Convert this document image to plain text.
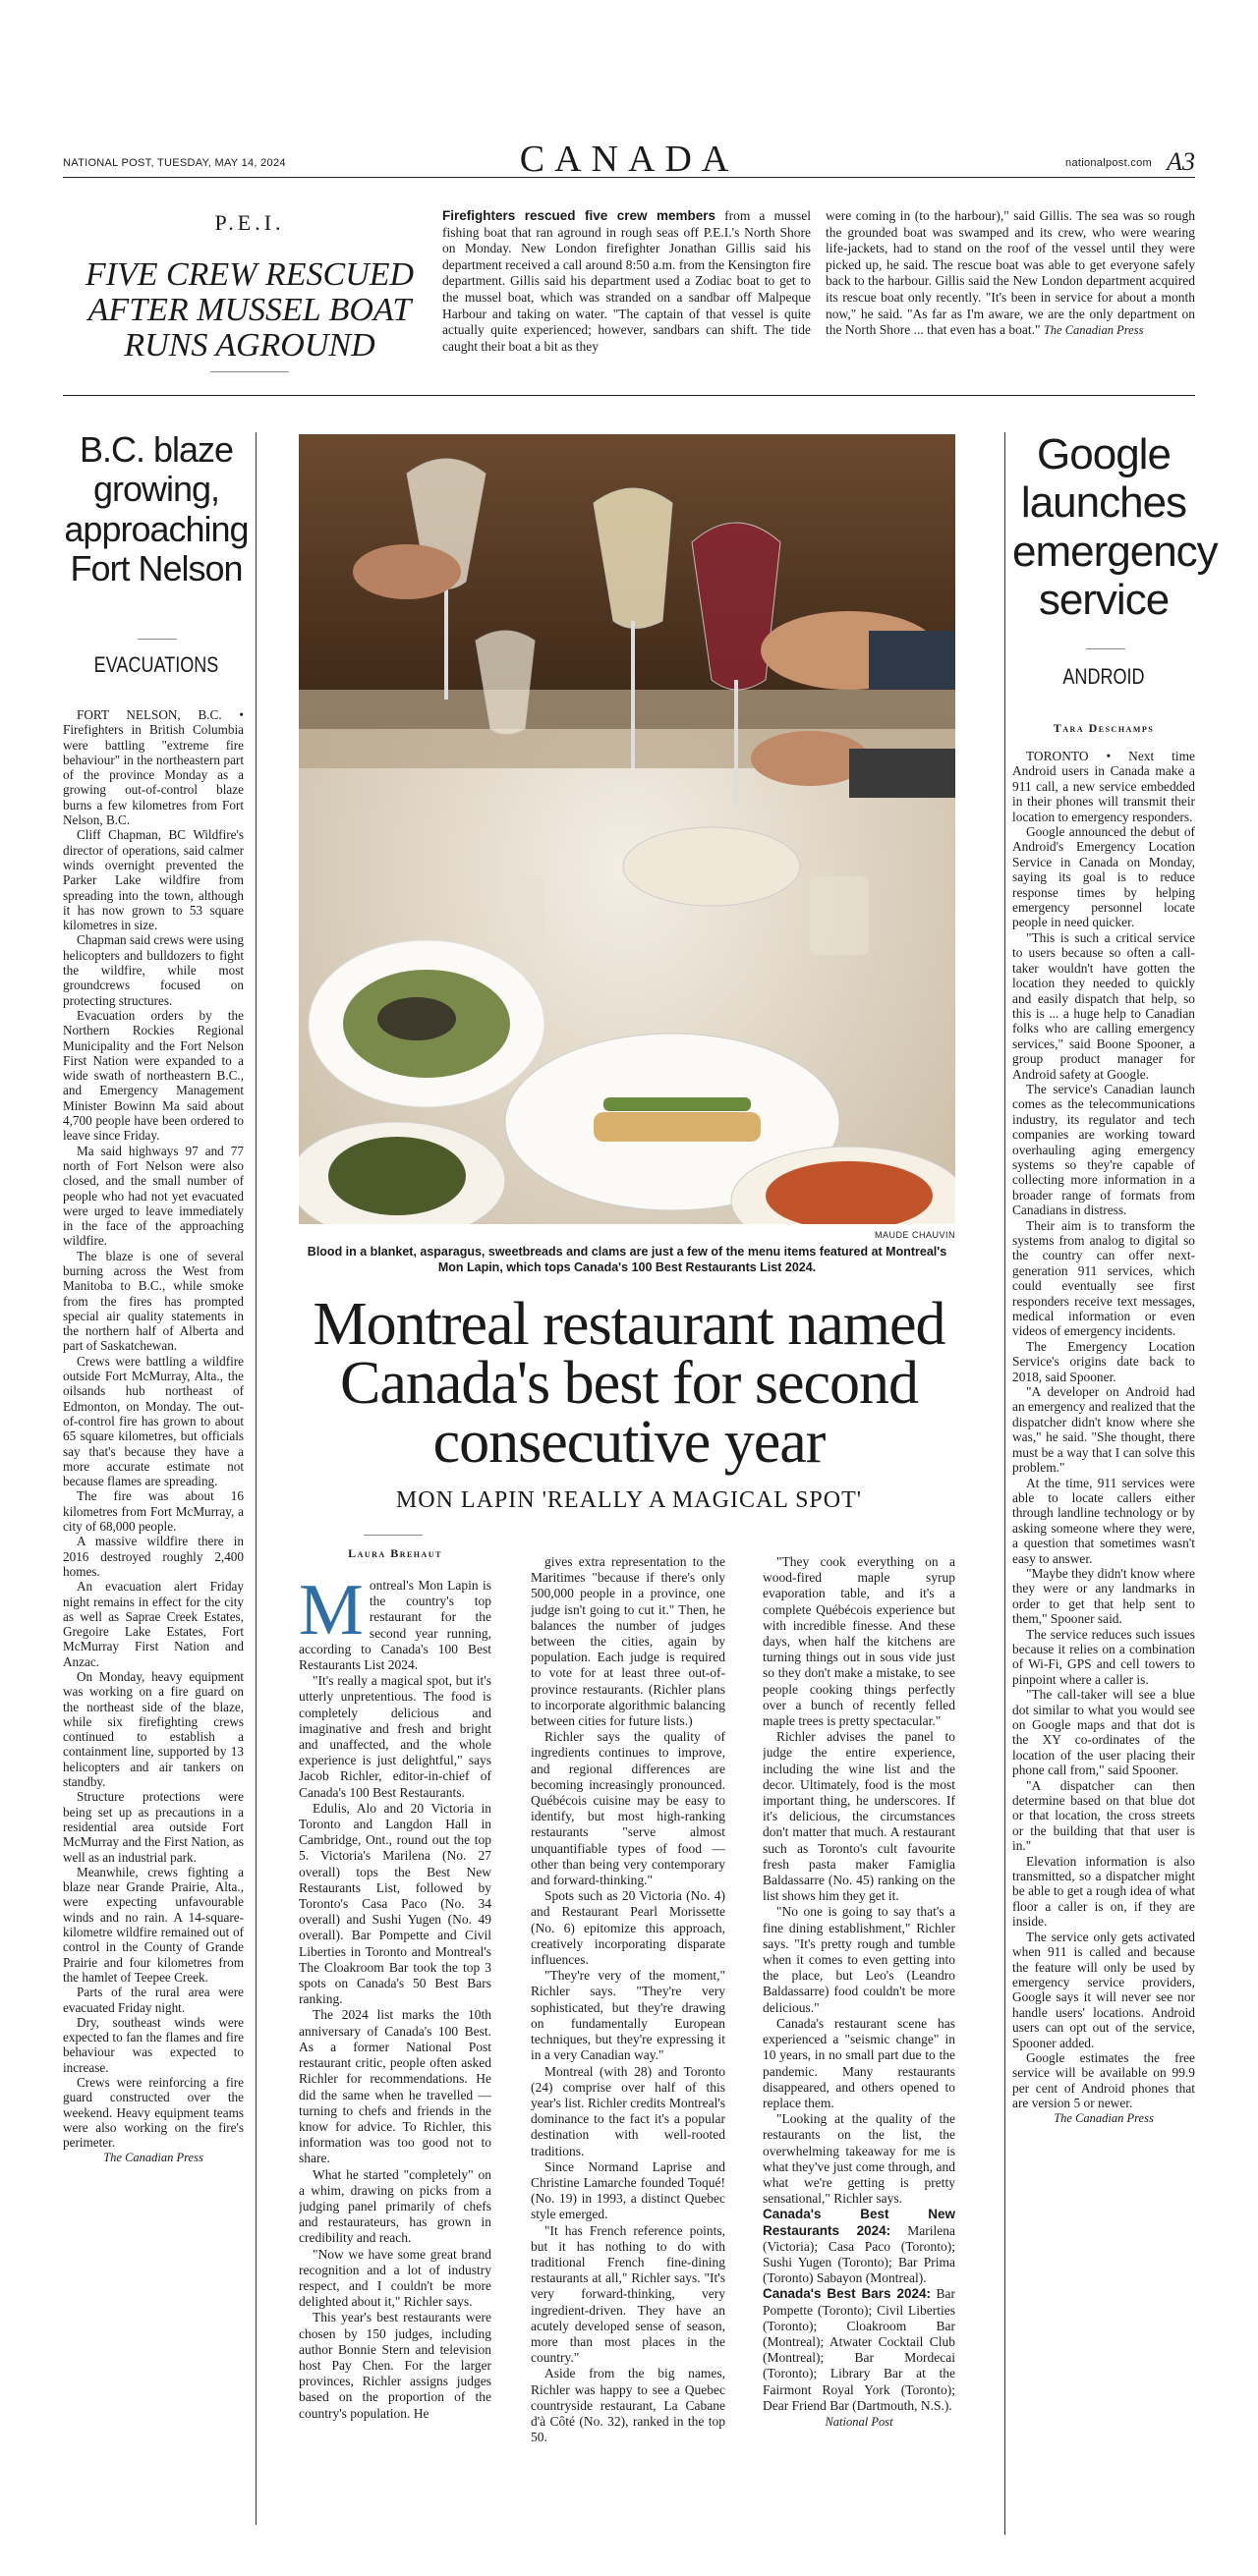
NATIONAL POST, TUESDAY, MAY 14, 2024	CANADA	nationalpost.com A3
P.E.I.
FIVE CREW RESCUED AFTER MUSSEL BOAT RUNS AGROUND
Firefighters rescued five crew members from a mussel fishing boat that ran aground in rough seas off P.E.I.'s North Shore on Monday. New London firefighter Jonathan Gillis said his department received a call around 8:50 a.m. from the Kensington fire department. Gillis said his department used a Zodiac boat to get to the mussel boat, which was stranded on a sandbar off Malpeque Harbour and taking on water. "The captain of that vessel is quite actually quite experienced; however, sandbars can shift. The tide caught their boat a bit as they
were coming in (to the harbour)," said Gillis. The sea was so rough the grounded boat was swamped and its crew, who were wearing life-jackets, had to stand on the roof of the vessel until they were picked up, he said. The rescue boat was able to get everyone safely back to the harbour. Gillis said the New London department acquired its rescue boat only recently. "It's been in service for about a month now," he said. "As far as I'm aware, we are the only department on the North Shore ... that even has a boat." The Canadian Press
B.C. blaze growing, approaching Fort Nelson
EVACUATIONS

FORT NELSON, B.C. • Firefighters in British Columbia were battling "extreme fire behaviour" in the northeastern part of the province Monday as a growing out-of-control blaze burns a few kilometres from Fort Nelson, B.C.

Cliff Chapman, BC Wildfire's director of operations, said calmer winds overnight prevented the Parker Lake wildfire from spreading into the town, although it has now grown to 53 square kilometres in size.

Chapman said crews were using helicopters and bulldozers to fight the wildfire, while most groundcrews focused on protecting structures.

Evacuation orders by the Northern Rockies Regional Municipality and the Fort Nelson First Nation were expanded to a wide swath of northeastern B.C., and Emergency Management Minister Bowinn Ma said about 4,700 people have been ordered to leave since Friday.

Ma said highways 97 and 77 north of Fort Nelson were also closed, and the small number of people who had not yet evacuated were urged to leave immediately in the face of the approaching wildfire.

The blaze is one of several burning across the West from Manitoba to B.C., while smoke from the fires has prompted special air quality statements in the northern half of Alberta and part of Saskatchewan.

Crews were battling a wildfire outside Fort McMurray, Alta., the oilsands hub northeast of Edmonton, on Monday. The out-of-control fire has grown to about 65 square kilometres, but officials say that's because they have a more accurate estimate not because flames are spreading.

The fire was about 16 kilometres from Fort McMurray, a city of 68,000 people.

A massive wildfire there in 2016 destroyed roughly 2,400 homes.

An evacuation alert Friday night remains in effect for the city as well as Saprae Creek Estates, Gregoire Lake Estates, Fort McMurray First Nation and Anzac.

On Monday, heavy equipment was working on a fire guard on the northeast side of the blaze, while six firefighting crews continued to establish a containment line, supported by 13 helicopters and air tankers on standby.

Structure protections were being set up as precautions in a residential area outside Fort McMurray and the First Nation, as well as an industrial park.

Meanwhile, crews fighting a blaze near Grande Prairie, Alta., were expecting unfavourable winds and no rain. A 14-square-kilometre wildfire remained out of control in the County of Grande Prairie and four kilometres from the hamlet of Teepee Creek.

Parts of the rural area were evacuated Friday night.

Dry, southeast winds were expected to fan the flames and fire behaviour was expected to increase.

Crews were reinforcing a fire guard constructed over the weekend. Heavy equipment teams were also working on the fire's perimeter.

The Canadian Press

Google launches emergency service
ANDROID
Tara Deschamps

TORONTO • Next time Android users in Canada make a 911 call, a new service embedded in their phones will transmit their location to emergency responders.

Google announced the debut of Android's Emergency Location Service in Canada on Monday, saying its goal is to reduce response times by helping emergency personnel locate people in need quicker.

"This is such a critical service to users because so often a call-taker wouldn't have gotten the location they needed to quickly and easily dispatch that help, so this is ... a huge help to Canadian folks who are calling emergency services," said Boone Spooner, a group product manager for Android safety at Google.

The service's Canadian launch comes as the telecommunications industry, its regulator and tech companies are working toward overhauling aging emergency systems so they're capable of collecting more information in a broader range of formats from Canadians in distress.

Their aim is to transform the systems from analog to digital so the country can offer next-generation 911 services, which could eventually see first responders receive text messages, medical information or even videos of emergency incidents.

The Emergency Location Service's origins date back to 2018, said Spooner.

"A developer on Android had an emergency and realized that the dispatcher didn't know where she was," he said. "She thought, there must be a way that I can solve this problem."

At the time, 911 services were able to locate callers either through landline technology or by asking someone where they were, a question that sometimes wasn't easy to answer.

"Maybe they didn't know where they were or any landmarks in order to get that help sent to them," Spooner said.

The service reduces such issues because it relies on a combination of Wi-Fi, GPS and cell towers to pinpoint where a caller is.

"The call-taker will see a blue dot similar to what you would see on Google maps and that dot is the XY co-ordinates of the location of the user placing their phone call from," said Spooner.

"A dispatcher can then determine based on that blue dot or that location, the cross streets or the building that that user is in."

Elevation information is also transmitted, so a dispatcher might be able to get a rough idea of what floor a caller is on, if they are inside.

The service only gets activated when 911 is called and because the feature will only be used by emergency service providers, Google says it will never see nor handle users' locations. Android users can opt out of the service, Spooner added.

Google estimates the free service will be available on 99.9 per cent of Android phones that are version 5 or newer.

The Canadian Press

MAUDE CHAUVIN
Blood in a blanket, asparagus, sweetbreads and clams are just a few of the menu items featured at Montreal's Mon Lapin, which tops Canada's 100 Best Restaurants List 2024.
Montreal restaurant named Canada's best for second consecutive year
MON LAPIN 'REALLY A MAGICAL SPOT'
Laura Brehaut
M ontreal's Mon Lapin is the country's top restaurant for the second year running, according to Canada's 100 Best Restaurants List 2024.

"It's really a magical spot, but it's utterly unpretentious. The food is completely delicious and imaginative and fresh and bright and unaffected, and the whole experience is just delightful," says Jacob Richler, editor-in-chief of Canada's 100 Best Restaurants.

Edulis, Alo and 20 Victoria in Toronto and Langdon Hall in Cambridge, Ont., round out the top 5. Victoria's Marilena (No. 27 overall) tops the Best New Restaurants List, followed by Toronto's Casa Paco (No. 34 overall) and Sushi Yugen (No. 49 overall). Bar Pompette and Civil Liberties in Toronto and Montreal's The Cloakroom Bar took the top 3 spots on Canada's 50 Best Bars ranking.

The 2024 list marks the 10th anniversary of Canada's 100 Best. As a former National Post restaurant critic, people often asked Richler for recommendations. He did the same when he travelled — turning to chefs and friends in the know for advice. To Richler, this information was too good not to share.

What he started "completely" on a whim, drawing on picks from a judging panel primarily of chefs and restaurateurs, has grown in credibility and reach.

"Now we have some great brand recognition and a lot of industry respect, and I couldn't be more delighted about it," Richler says.

This year's best restaurants were chosen by 150 judges, including author Bonnie Stern and television host Pay Chen. For the larger provinces, Richler assigns judges based on the proportion of the country's population. He

gives extra representation to the Maritimes "because if there's only 500,000 people in a province, one judge isn't going to cut it." Then, he balances the number of judges between the cities, again by population. Each judge is required to vote for at least three out-of-province restaurants. (Richler plans to incorporate algorithmic balancing between cities for future lists.)

Richler says the quality of ingredients continues to improve, and regional differences are becoming increasingly pronounced. Québécois cuisine may be easy to identify, but most high-ranking restaurants "serve almost unquantifiable types of food — other than being very contemporary and forward-thinking."

Spots such as 20 Victoria (No. 4) and Restaurant Pearl Morissette (No. 6) epitomize this approach, creatively incorporating disparate influences.

"They're very of the moment," Richler says. "They're very sophisticated, but they're drawing on fundamentally European techniques, but they're expressing it in a very Canadian way."

Montreal (with 28) and Toronto (24) comprise over half of this year's list. Richler credits Montreal's dominance to the fact it's a popular destination with well-rooted traditions.

Since Normand Laprise and Christine Lamarche founded Toqué! (No. 19) in 1993, a distinct Quebec style emerged.

"It has French reference points, but it has nothing to do with traditional French fine-dining restaurants at all," Richler says. "It's very forward-thinking, very ingredient-driven. They have an acutely developed sense of season, more than most places in the country."

Aside from the big names, Richler was happy to see a Quebec countryside restaurant, La Cabane d'à Côté (No. 32), ranked in the top 50.

"They cook everything on a wood-fired maple syrup evaporation table, and it's a complete Québécois experience but with incredible finesse. And these days, when half the kitchens are turning things out in sous vide just so they don't make a mistake, to see people cooking things perfectly over a bunch of recently felled maple trees is pretty spectacular."

Richler advises the panel to judge the entire experience, including the wine list and the decor. Ultimately, food is the most important thing, he underscores. If it's delicious, the circumstances don't matter that much. A restaurant such as Toronto's cult favourite fresh pasta maker Famiglia Baldassarre (No. 45) ranking on the list shows him they get it.

"No one is going to say that's a fine dining establishment," Richler says. "It's pretty rough and tumble when it comes to even getting into the place, but Leo's (Leandro Baldassarre) food couldn't be more delicious."

Canada's restaurant scene has experienced a "seismic change" in 10 years, in no small part due to the pandemic. Many restaurants disappeared, and others opened to replace them.

"Looking at the quality of the restaurants on the list, the overwhelming takeaway for me is what they've just come through, and what we're getting is pretty sensational," Richler says.

Canada's Best New Restaurants 2024: Marilena (Victoria); Casa Paco (Toronto); Sushi Yugen (Toronto); Bar Prima (Toronto) Sabayon (Montreal).

Canada's Best Bars 2024: Bar Pompette (Toronto); Civil Liberties (Toronto); Cloakroom Bar (Montreal); Atwater Cocktail Club (Montreal); Bar Mordecai (Toronto); Library Bar at the Fairmont Royal York (Toronto); Dear Friend Bar (Dartmouth, N.S.).

National Post
